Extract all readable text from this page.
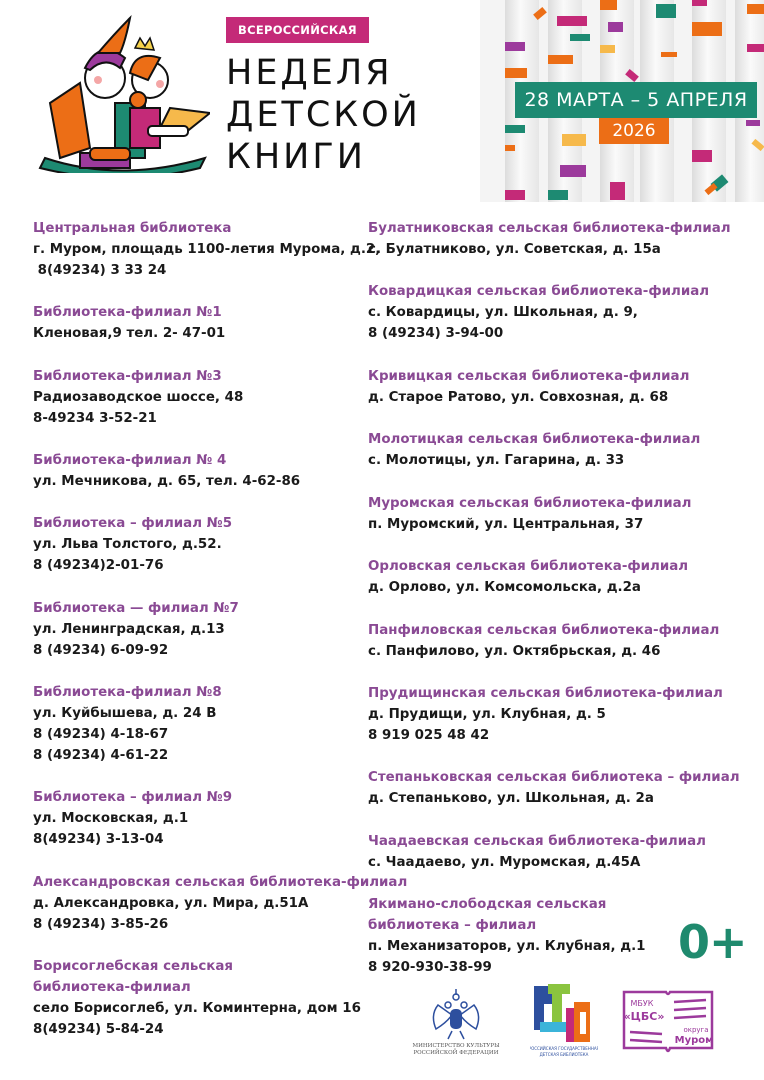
ВСЕРОССИЙСКАЯ
НЕДЕЛЯ
ДЕТСКОЙ
КНИГИ
28 МАРТА – 5 АПРЕЛЯ
2026
Центральная библиотека
г. Муром, площадь 1100-летия Мурома, д.2,
8(49234) 3 33 24
Библиотека-филиал №1
Кленовая,9 тел. 2- 47-01
Библиотека-филиал №3
Радиозаводское шоссе, 48
8-49234 3-52-21
Библиотека-филиал № 4
ул. Мечникова, д. 65, тел. 4-62-86
Библиотека – филиал №5
ул. Льва Толстого, д.52.
8 (49234)2-01-76
Библиотека — филиал №7
ул. Ленинградская, д.13
8 (49234) 6-09-92
Библиотека-филиал №8
ул. Куйбышева, д. 24 В
8 (49234) 4-18-67
8 (49234) 4-61-22
Библиотека – филиал №9
ул. Московская, д.1
8(49234) 3-13-04
Александровская сельская библиотека-филиал
д. Александровка, ул. Мира, д.51А
8 (49234) 3-85-26
Борисоглебская сельская
библиотека-филиал
село Борисоглеб, ул. Коминтерна, дом 16
8(49234) 5-84-24
Булатниковская сельская библиотека-филиал
с. Булатниково, ул. Советская, д. 15а
Ковардицкая сельская библиотека-филиал
с. Ковардицы, ул. Школьная, д. 9,
8 (49234) 3-94-00
Кривицкая сельская библиотека-филиал
д. Старое Ратово, ул. Совхозная, д. 68
Молотицкая сельская библиотека-филиал
с. Молотицы, ул. Гагарина, д. 33
Муромская сельская библиотека-филиал
п. Муромский, ул. Центральная, 37
Орловская сельская библиотека-филиал
д. Орлово, ул. Комсомольска, д.2а
Панфиловская сельская библиотека-филиал
с. Панфилово, ул. Октябрьская, д. 46
Прудищинская сельская библиотека-филиал
д. Прудищи, ул. Клубная, д. 5
8 919 025 48 42
Степаньковская сельская библиотека – филиал
д. Степаньково, ул. Школьная, д. 2а
Чаадаевская сельская библиотека-филиал
с. Чаадаево, ул. Муромская, д.45А
Якимано-слободская сельская
библиотека – филиал
п. Механизаторов, ул. Клубная, д.1
8 920-930-38-99	0+
МИНИСТЕРСТВО КУЛЬТУРЫ
РОССИЙСКОЙ ФЕДЕРАЦИИ
РОССИЙСКАЯ ГОСУДАРСТВЕННАЯ
ДЕТСКАЯ БИБЛИОТЕКА
МБУК
«ЦБС»
округа
Муром
